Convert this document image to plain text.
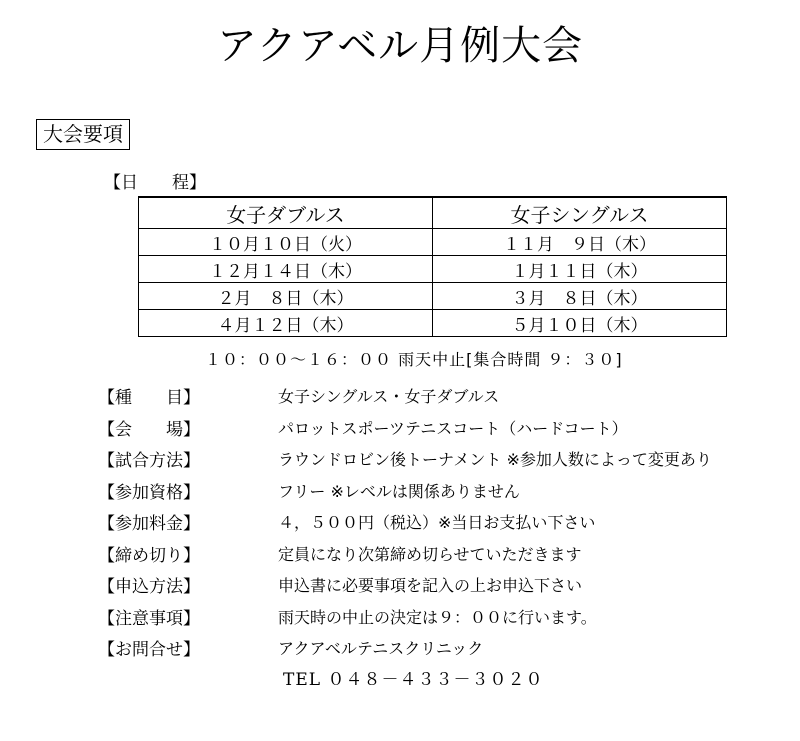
アクアベル月例大会
大会要項
【日　　程】
女子ダブルス	女子シングルス
１０月１０日（火）	１１月　９日（木）
１２月１４日（木）	１月１１日（木）
２月　８日（木）	３月　８日（木）
４月１２日（木）	５月１０日（木）
１０：００～１６：００ 雨天中止[集合時間 ９：３０]
【種　　目】	女子シングルス・女子ダブルス
【会　　場】	パロットスポーツテニスコート（ハードコート）
【試合方法】	ラウンドロビン後トーナメント ※参加人数によって変更あり
【参加資格】	フリー ※レベルは関係ありません
【参加料金】	４，５００円（税込）※当日お支払い下さい
【締め切り】	定員になり次第締め切らせていただきます
【申込方法】	申込書に必要事項を記入の上お申込下さい
【注意事項】	雨天時の中止の決定は９：００に行います。
【お問合せ】	アクアベルテニスクリニック
TEL ０４８－４３３－３０２０
